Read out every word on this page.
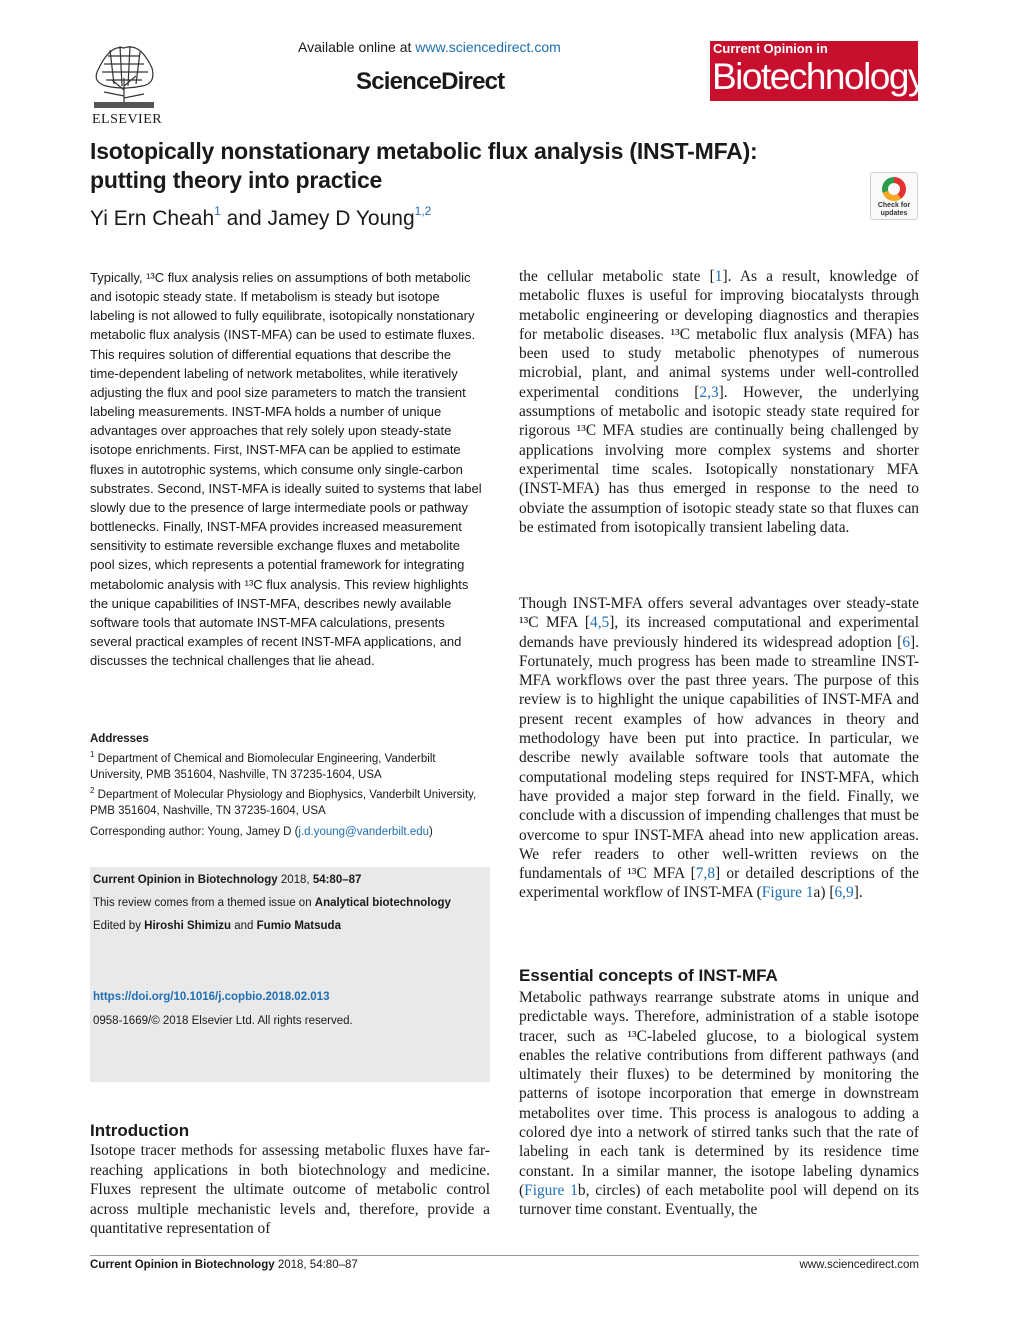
ELSEVIER
Available online at www.sciencedirect.com
ScienceDirect
Current Opinion in
Biotechnology
Isotopically nonstationary metabolic flux analysis (INST-MFA): putting theory into practice
Yi Ern Cheah$^1$ and Jamey D Young$^{1,2}$	Check for updates

Typically, ¹³C flux analysis relies on assumptions of both metabolic and isotopic steady state. If metabolism is steady but isotope labeling is not allowed to fully equilibrate, isotopically nonstationary metabolic flux analysis (INST-MFA) can be used to estimate fluxes. This requires solution of differential equations that describe the time-dependent labeling of network metabolites, while iteratively adjusting the flux and pool size parameters to match the transient labeling measurements. INST-MFA holds a number of unique advantages over approaches that rely solely upon steady-state isotope enrichments. First, INST-MFA can be applied to estimate fluxes in autotrophic systems, which consume only single-carbon substrates. Second, INST-MFA is ideally suited to systems that label slowly due to the presence of large intermediate pools or pathway bottlenecks. Finally, INST-MFA provides increased measurement sensitivity to estimate reversible exchange fluxes and metabolite pool sizes, which represents a potential framework for integrating metabolomic analysis with ¹³C flux analysis. This review highlights the unique capabilities of INST-MFA, describes newly available software tools that automate INST-MFA calculations, presents several practical examples of recent INST-MFA applications, and discusses the technical challenges that lie ahead.

Addresses
$^1$ Department of Chemical and Biomolecular Engineering, Vanderbilt University, PMB 351604, Nashville, TN 37235-1604, USA
$^2$ Department of Molecular Physiology and Biophysics, Vanderbilt University, PMB 351604, Nashville, TN 37235-1604, USA
Corresponding author: Young, Jamey D (j.d.young@vanderbilt.edu)
Current Opinion in Biotechnology 2018, 54:80–87
This review comes from a themed issue on Analytical biotechnology
Edited by Hiroshi Shimizu and Fumio Matsuda
https://doi.org/10.1016/j.copbio.2018.02.013
0958-1669/© 2018 Elsevier Ltd. All rights reserved.
Introduction

Isotope tracer methods for assessing metabolic fluxes have far-reaching applications in both biotechnology and medicine. Fluxes represent the ultimate outcome of metabolic control across multiple mechanistic levels and, therefore, provide a quantitative representation of

the cellular metabolic state [1]. As a result, knowledge of metabolic fluxes is useful for improving biocatalysts through metabolic engineering or developing diagnostics and therapies for metabolic diseases. ¹³C metabolic flux analysis (MFA) has been used to study metabolic phenotypes of numerous microbial, plant, and animal systems under well-controlled experimental conditions [2,3]. However, the underlying assumptions of metabolic and isotopic steady state required for rigorous ¹³C MFA studies are continually being challenged by applications involving more complex systems and shorter experimental time scales. Isotopically nonstationary MFA (INST-MFA) has thus emerged in response to the need to obviate the assumption of isotopic steady state so that fluxes can be estimated from isotopically transient labeling data.

Though INST-MFA offers several advantages over steady-state ¹³C MFA [4,5], its increased computational and experimental demands have previously hindered its widespread adoption [6]. Fortunately, much progress has been made to streamline INST-MFA workflows over the past three years. The purpose of this review is to highlight the unique capabilities of INST-MFA and present recent examples of how advances in theory and methodology have been put into practice. In particular, we describe newly available software tools that automate the computational modeling steps required for INST-MFA, which have provided a major step forward in the field. Finally, we conclude with a discussion of impending challenges that must be overcome to spur INST-MFA ahead into new application areas. We refer readers to other well-written reviews on the fundamentals of ¹³C MFA [7,8] or detailed descriptions of the experimental workflow of INST-MFA (Figure 1a) [6,9].

Essential concepts of INST-MFA

Metabolic pathways rearrange substrate atoms in unique and predictable ways. Therefore, administration of a stable isotope tracer, such as ¹³C-labeled glucose, to a biological system enables the relative contributions from different pathways (and ultimately their fluxes) to be determined by monitoring the patterns of isotope incorporation that emerge in downstream metabolites over time. This process is analogous to adding a colored dye into a network of stirred tanks such that the rate of labeling in each tank is determined by its residence time constant. In a similar manner, the isotope labeling dynamics (Figure 1b, circles) of each metabolite pool will depend on its turnover time constant. Eventually, the

Current Opinion in Biotechnology 2018, 54:80–87	www.sciencedirect.com
